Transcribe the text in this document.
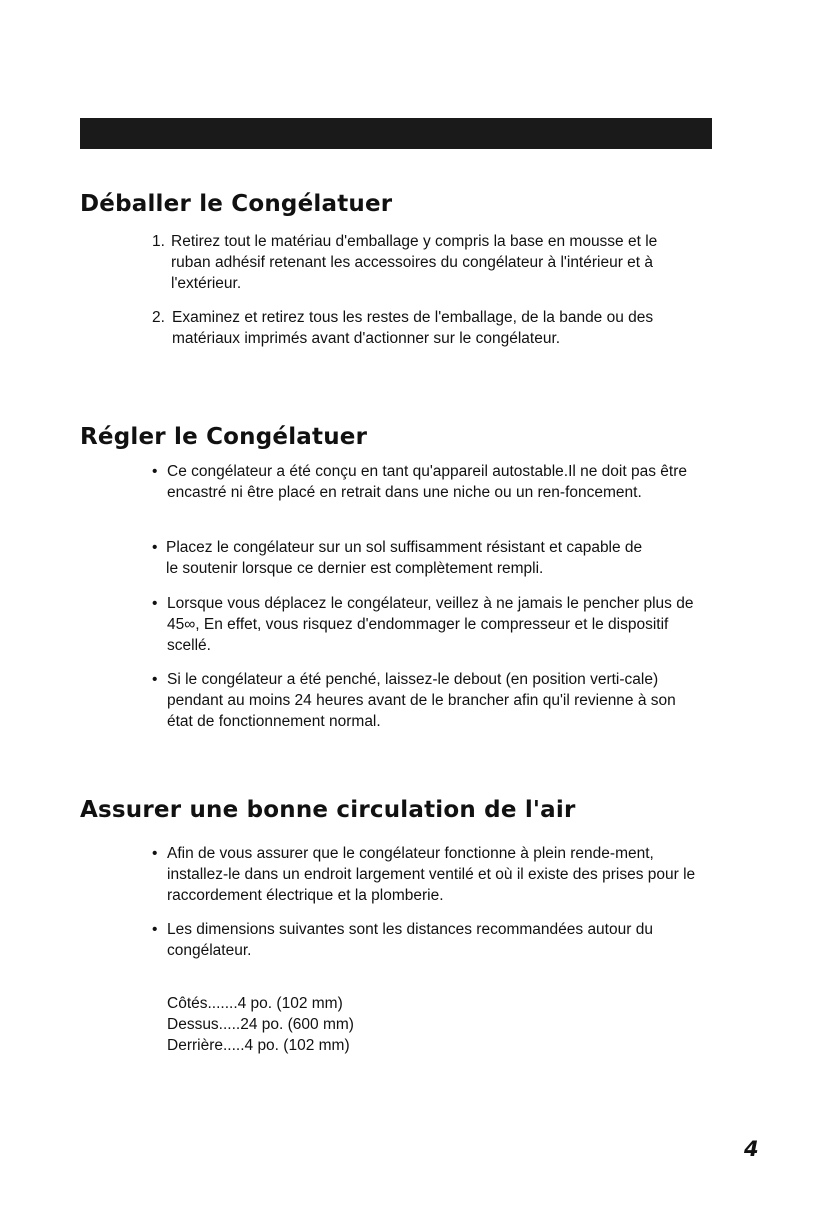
Déballer le Congélatuer
1. Retirez tout le matériau d'emballage y compris la base en mousse et le ruban adhésif retenant les accessoires du congélateur à l'intérieur et à l'extérieur.
2. Examinez et retirez tous les restes de l'emballage, de la bande ou des matériaux imprimés avant d'actionner sur le congélateur.
Régler le Congélatuer
• Ce congélateur a été conçu en tant qu'appareil autostable.Il ne doit pas être encastré ni être placé en retrait dans une niche ou un ren-foncement.
• Placez le congélateur sur un sol suffisamment résistant et capable de le soutenir lorsque ce dernier est complètement rempli.
• Lorsque vous déplacez le congélateur, veillez à ne jamais le pencher plus de 45∞, En effet, vous risquez d'endommager le compresseur et le dispositif scellé.
• Si le congélateur a été penché, laissez-le debout (en position verti-cale) pendant au moins 24 heures avant de le brancher afin qu'il revienne à son état de fonctionnement normal.
Assurer une bonne circulation de l'air
• Afin de vous assurer que le congélateur fonctionne à plein rende-ment, installez-le dans un endroit largement ventilé et où il existe des prises pour le raccordement électrique et la plomberie.
• Les dimensions suivantes sont les distances recommandées autour du congélateur.
Côtés.......4 po. (102 mm)
Dessus.....24 po. (600 mm)
Derrière.....4 po. (102 mm)
4
